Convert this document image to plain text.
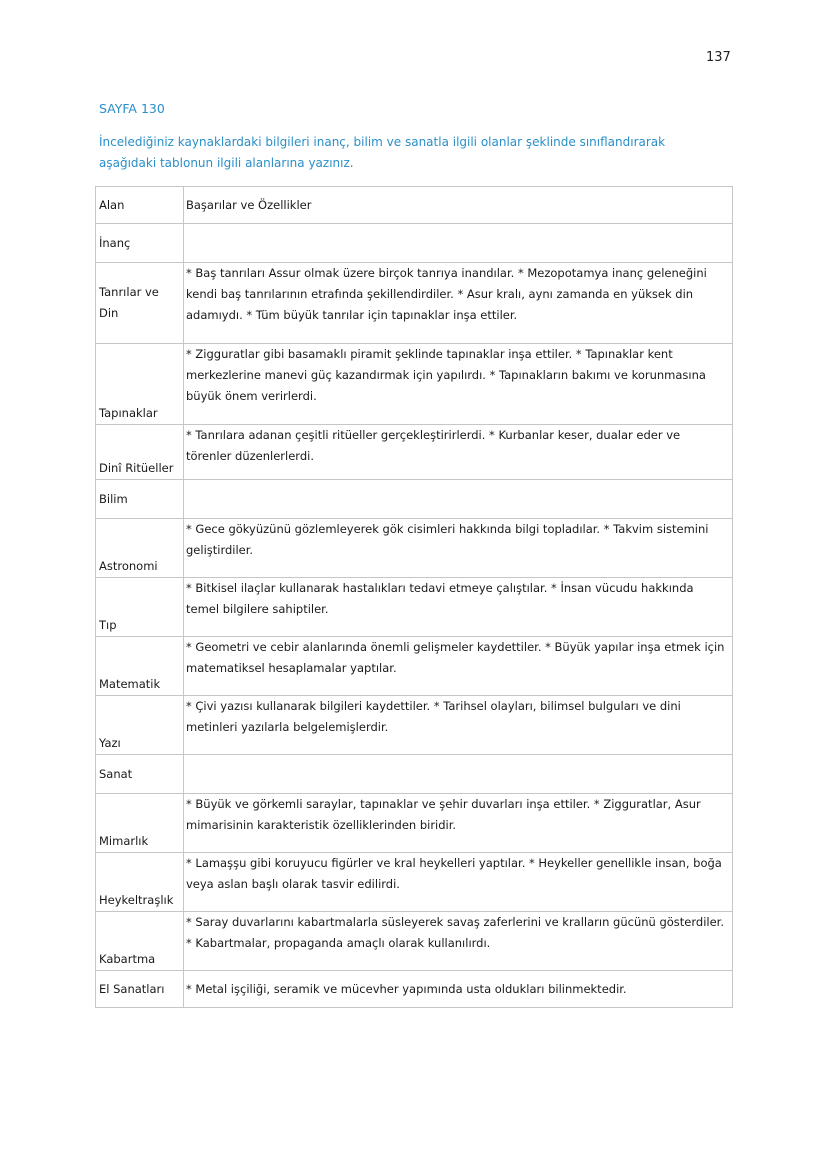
137
SAYFA 130
İncelediğiniz kaynaklardaki bilgileri inanç, bilim ve sanatla ilgili olanlar şeklinde sınıflandırarak aşağıdaki tablonun ilgili alanlarına yazınız.
Alan	Başarılar ve Özellikler
İnanç	
Tanrılar ve Din	* Baş tanrıları Assur olmak üzere birçok tanrıya inandılar. * Mezopotamya inanç geleneğini kendi baş tanrılarının etrafında şekillendirdiler. * Asur kralı, aynı zamanda en yüksek din adamıydı. * Tüm büyük tanrılar için tapınaklar inşa ettiler.
Tapınaklar	* Zigguratlar gibi basamaklı piramit şeklinde tapınaklar inşa ettiler. * Tapınaklar kent merkezlerine manevi güç kazandırmak için yapılırdı. * Tapınakların bakımı ve korunmasına büyük önem verirlerdi.
Dinî Ritüeller	* Tanrılara adanan çeşitli ritüeller gerçekleştirirlerdi. * Kurbanlar keser, dualar eder ve törenler düzenlerlerdi.
Bilim	
Astronomi	* Gece gökyüzünü gözlemleyerek gök cisimleri hakkında bilgi topladılar. * Takvim sistemini geliştirdiler.
Tıp	* Bitkisel ilaçlar kullanarak hastalıkları tedavi etmeye çalıştılar. * İnsan vücudu hakkında temel bilgilere sahiptiler.
Matematik	* Geometri ve cebir alanlarında önemli gelişmeler kaydettiler. * Büyük yapılar inşa etmek için matematiksel hesaplamalar yaptılar.
Yazı	* Çivi yazısı kullanarak bilgileri kaydettiler. * Tarihsel olayları, bilimsel bulguları ve dini metinleri yazılarla belgelemişlerdir.
Sanat	
Mimarlık	* Büyük ve görkemli saraylar, tapınaklar ve şehir duvarları inşa ettiler. * Zigguratlar, Asur mimarisinin karakteristik özelliklerinden biridir.
Heykeltraşlık	* Lamaşşu gibi koruyucu figürler ve kral heykelleri yaptılar. * Heykeller genellikle insan, boğa veya aslan başlı olarak tasvir edilirdi.
Kabartma	* Saray duvarlarını kabartmalarla süsleyerek savaş zaferlerini ve kralların gücünü gösterdiler. * Kabartmalar, propaganda amaçlı olarak kullanılırdı.
El Sanatları	* Metal işçiliği, seramik ve mücevher yapımında usta oldukları bilinmektedir.
